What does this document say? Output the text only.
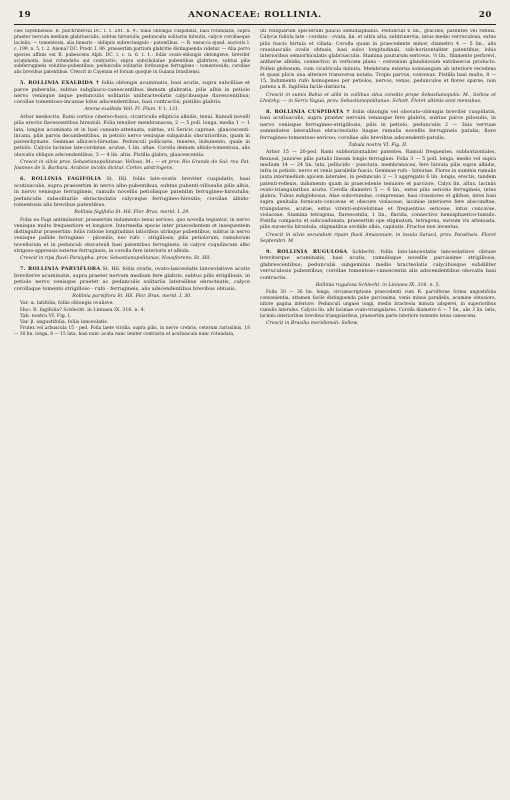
19	ANONACEAE: ROLLINIA.	20

cies cayennensis: R. pulchrinervia DC. l. c. 201. n. 9.: foliis oblongis cuspidatis, basi rotundatis, supra praeter nervum medium glabriusculis, subtus hirsutulis; pedunculis solitariis hirsutis, calyce corollaeque laciniis; — tomentosis, alis linearis - obliquis subrectangulo - patentibus. — R. exsucca ejusd. auctoris l. c. 199. n. 5. t. 2. Anona? DC. Prodr. I. 86. praesertim partium glabritie distinguenda videtur. — Alia porro species affinis est R. pubescens Alph. DC. l. c. n. 6. t. 1.: foliis ovato-oblongis obtongisve, breviter acuminatis, basi rotundatis aut contractis, supra subciliolatae pubentibus glabrisve, subtus pilis subferrugineis velutino-pubentibus; pedunculis solitariis foribusque ferrugineo - tomentosulis, corollae alis brevibus patentibus. Crescit in Cayenna et forsan quoque in Guiana brasiliensi.

5. ROLLINIA EXALBIDA ✝ foliis oblongis acuminatis, basi acutis, supra subcilliae et parce puberulis, subtus subglauco-canescentibus demum glabratis, pilis albis in petiolo nervo venisque inque pedunculis solitariis unibracteolatis calycibusque flavescentibus; corollae tomentoso-incanae lobis adscendentibus, basi contractis; pistillis glabris.

Anona exalbida Vell. Fl. Flum. V. t. 131.

Arbor mediocris. Rami cortice cinereo-fusco, cicatriculis ellipticis albidis, tenui. Ramuli novelli pilis erectis flavescentibus hirsutuli. Folia tenuiter membranacea, 2 — 5 poll. longa, media 1 — 1 lata, longius acuminata et in basi cuneato-attenuata, subtus, uti Sericis capreae, glaucescenti-incana, pilis parvis decumbentibus, in petiolo nervo venisque subpatulis obscurioribus, quam in parenchymate. Gemmae albicero-hirsutae. Pedunculi pollicares, teneres, indumento, quale in petiolo. Calycis laciniae late-cordatae, acutae, 1 lin. altae. Corolla demum albido-tomentosa, alis obovatis oblique adscendentibus, 3 — 4 lin. altis. Pistilla glabra, glaucescentia.

Crescit in silvis prov. Sebastianopolitanae: Velloso, M.: — et prov. Rio Grande do Sul: rev. Pat. Joannes de S. Barbara. Arabice incolis dicitur. Cortex adstringens.

6. ROLLINIA FAGIFOLIA St. Hil. foliis late-ovatis breviter cuspidatis, basi acutiusculis, supra praesertim in nervo albo-pubentibus, subtus pubenti-villosulis pilis albis, in nervo venisque ferrugineis, ramulis novellis petiolisque patentim ferrugineo-hirsutulis; pedunculis subsolitariis ebracteolatis calyceque ferrugineo-hirsutis; corollae albido-tomentosis alis brevibus patentibus.

Rollinia fagifolia St. Hil. Flor. Bras. merid. I. 29.

Folia ea Fagi antimilantur, praesertim indumento tenui sericeo, quo novella teguntur, in nervo venisque multo frequentiore et longiore. Intermedia specie inter praecedentem et insequentem distinguitur praesertim: foliis ratione longitudinis latioribus utrinque pubentibus, subtus in nervo venisque pallide ferrugineo - pilosulis, nec rufo - strigillosis, pilis petiolorum, ramulorum novellorum et in pedunculi obscureuli basi patentibus ferrugineis, in calyce coquilincam albo strigoso-appressis externe ferrugineis, in corolla fere interioris et albida.

Crescit in ripa fluvii Paraiypha, prov. Sebastianopolitanae, Novaflorens: St. Hil.

7. ROLLINIA PARVIFLORA St. Hil. foliis ovatis, ovato-lanceolatis lanceolatisve acutis breviterve acuminatis, supra praeter nervum medium fere glabris, subtus pilis strigillosis, in petiolo nervo venisque praeter ac pedunculis solitariis lateralibus ebracteatis, calyce corollaque tomento strigilloso - rufo - ferrugineis, alis adscendentibus brevibus obtusis.

Rollinia parviflora St. Hil. Flor. Bras. merid. I. 30.

Var. α. latifolia, foliis oblongis ovalisve.

Huc: R. fagifolia? Schlecht. in Linnaea IX. 316. n. 4.

Tab. nostra VI. Fig. I.

Var. β. angustifolia, foliis lanceolatis.

Frutex vel arbuscula 15 - ped. Folia laete viridia, supra pilis, in nervo crebris, ceterum rarissimis, 18 — 30 lin. longa, 8 — 15 lata, basi nunc acuta nunc leniter contracta et acutiuscula nunc rotundata,

uti reliquarum specierum paucis semidiaphanis. Pedunculi 6 lin., graciles, patentes vel reflexi. Calycis foliola late - cordato - ovata, lin. et ultra alta, subtrinervia, intus medio verruculosa, extus pilis fuscis hirtula et ciliata. Corolla quam in praecedente minor, diametro 4 — 5 lin., alis crassiusculis ovalis obtusis, basi sulco longitudinali, sub-horizontaliter patentibus, lobis interioribus semiorbiculatis glabriusculis. Stamina pauturum sericeus, ½ lin., filamento perbrevi, antherae albidis, connectivo in verticem plano - convexum glandulosum extrinsecus producto. Pollen globosum, cum cicatricula minuta. Membrana externa somnangum ab interiore recedens et quasi plicis una alterave transversa notata. Tropis parvus, convexus. Pistilla basi multa, 8 — 15. Indumento rufo homogeneo per petiolos, nervos, venas, pedunculos et flores sparse, non patens a R. fagifolia facile distinctu.

Crescit in sumis Bahia et alibi in collibus silva consitis prope Sebastianopolis: M., Sellow et Lhotzky; — in Serra Yaguá, prov. Sebastianopolitanae: Schott. Floret ultimis anni mensibus.

8. ROLLINIA CUSPIDATA ✝ foliis oblongis vel obovato-oblongis breviter cuspidatis, basi acutiusculis, supra praeter nervum venasque fere glabris, subtus parce pilosulis, in nervo venisque ferrugineo-strigillosis; pilis in petiolo, pedunculis 2 — 3nis verruae summitates lateralibus ebracteolatis itaque ramulis novellis ferrugineis patulis; flore ferrugineo-tomentoso-sericeo; corollae alis brevibus adscendenti-patulis.

Tabula nostra VI. Fig. II.

Arbor 15 — 20-ped. Rami subhorizontaliter patentes. Ramuli frequentes, subhorizontales, flexuosi, juniores pilis patulis lineam longis ferruginei. Folia 3 — 5 poll. longa, medio vel supra medium 14 — 24 lin. lata, pellucido - punctata, membranacea, fere hirsuta pilis supra albidis, infra in petiolo, nervo et venis parallelis fuscis. Gemmae rufo - hirsutae. Flores in summis ramulis juxta intermedium apicem laterales, in pedunculo 2 — 3 aggregatis 6 lin. longis, erectis, tandem patenti-reflexis, indumento quam in praecedente tenuiore et parciore. Calyx lin. altus, laciniis ovato-triangularibus acutis. Corolla diametro 5 — 6 lin., extus pilis sericeis ferrugineis, intus glabra. Tubus subglobosus. Alae subrotundae, compressae, basi crassiores et gibbae, intus basi supra genitalia fornicato-concavae et obscure violaceae; laciniae interiores fere abscondtae, triangulares, acutae, extus virenti-subvelutinae et frequentius sericeae, intus concavae, violaceae. Stamina tetragona, flavescentia, 1 lin., flavida, connectivo hemisphaerico-tumido. Pistilla compacta et subcoadunata, praesertim ope stigmatum, tetragona, sursum vix attenuata, pilis sursectis hirsutula, stigmatibus sordide albis, capitatis. Fructus non inventus.

Crescit in silvis secundum ripam fluvii Amazonum, in insula Saracá, prov. Paraënsis. Floret Septembri. M.

9. ROLLINIA RUGULOSA Schlecht. foliis lato-lanceolatis lanceolatisve obtuse breviterque acuminatis, basi acutis, ramulisque novellis parcissime strigillosis, glabrescentibus; pedunculis subgeminis medio bracteolatis calycibusque subdiliter verruculosis pubentibus; corollae tomentoso-canescentis alis adscendentibus obovatis basi contractis.

Rollinia rugulosa Schlecht. in Linnaea IX. 316. n. 5.

Folia 30 — 36 lin. longa, circumscriptione praecedenti cum R. parviflorae forma angustifolia convenientia, attamen facile distinguenda pube parcissima, venis minus parallelis, acumine obtusiore, nitore pagina inferiore. Pedunculi ungues longi, medio bracteola minuta adsperei, in superioribus ramulis laterales. Calycis lin. alti laciniae ovato-triangulares. Corolla diametro 6 — 7 lin., alis 3 lin. latis, laciniis interioribus brevibus triangularibus, praesertim parte interiore tomento tenui canescens.

Crescit in Brasilia meridionali: Sellow.
